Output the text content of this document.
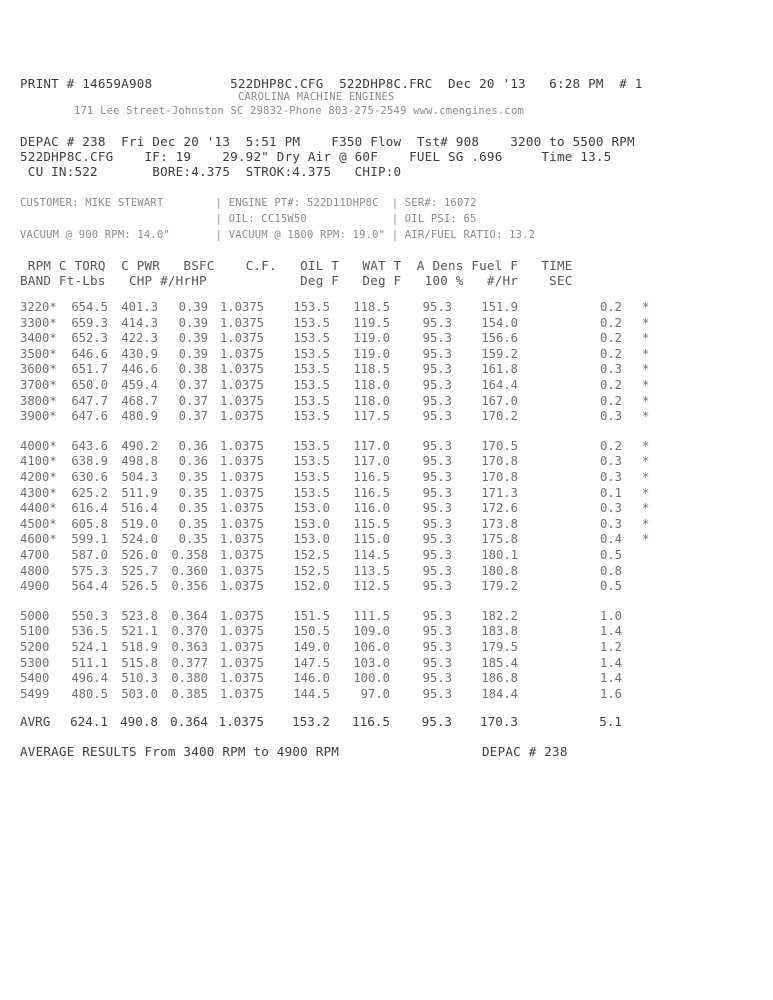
PRINT # 14659A908          522DHP8C.CFG  522DHP8C.FRC  Dec 20 '13   6:28 PM  # 1
CAROLINA MACHINE ENGINES
171 Lee Street-Johnston SC 29832-Phone 803-275-2549 www.cmengines.com
DEPAC # 238  Fri Dec 20 '13  5:51 PM    F350 Flow  Tst# 908    3200 to 5500 RPM
522DHP8C.CFG    IF: 19    29.92" Dry Air @ 60F    FUEL SG .696     Time 13.5
CU IN:522       BORE:4.375  STROK:4.375   CHIP:0
CUSTOMER: MIKE STEWART        | ENGINE PT#: 522D11DHP8C  | SER#: 16072
| OIL: CC15W50             | OIL PSI: 65
VACUUM @ 900 RPM: 14.0"       | VACUUM @ 1800 RPM: 19.0" | AIR/FUEL RATIO: 13.2
RPM C TORQ  C PWR   BSFC    C.F.   OIL T   WAT T  A Dens Fuel F   TIME
BAND Ft-Lbs   CHP #/HrHP            Deg F   Deg F   100 %   #/Hr    SEC
3220*	654.5	401.3	0.39 1.0375	153.5	118.5	95.3	151.9	0.2 *
3300*	659.3	414.3	0.39 1.0375	153.5	119.5	95.3	154.0	0.2 *
3400*	652.3	422.3	0.39 1.0375	153.5	119.0	95.3	156.6	0.2 *
3500*	646.6	430.9	0.39 1.0375	153.5	119.0	95.3	159.2	0.2 *
3600*	651.7	446.6	0.38 1.0375	153.5	118.5	95.3	161.8	0.3 *
3700*	650.0	459.4	0.37 1.0375	153.5	118.0	95.3	164.4	0.2 *
3800*	647.7	468.7	0.37 1.0375	153.5	118.0	95.3	167.0	0.2 *
3900*	647.6	480.9	0.37 1.0375	153.5	117.5	95.3	170.2	0.3 *
4000*	643.6	490.2	0.36 1.0375	153.5	117.0	95.3	170.5	0.2 *
4100*	638.9	498.8	0.36 1.0375	153.5	117.0	95.3	170.8	0.3 *
4200*	630.6	504.3	0.35 1.0375	153.5	116.5	95.3	170.8	0.3 *
4300*	625.2	511.9	0.35 1.0375	153.5	116.5	95.3	171.3	0.1 *
4400*	616.4	516.4	0.35 1.0375	153.0	116.0	95.3	172.6	0.3 *
4500*	605.8	519.0	0.35 1.0375	153.0	115.5	95.3	173.8	0.3 *
4600*	599.1	524.0	0.35 1.0375	153.0	115.0	95.3	175.8	0.4 *
4700	587.0	526.0	0.358 1.0375	152.5	114.5	95.3	180.1	0.5
4800	575.3	525.7	0.360 1.0375	152.5	113.5	95.3	180.8	0.8
4900	564.4	526.5	0.356 1.0375	152.0	112.5	95.3	179.2	0.5
5000	550.3	523.8	0.364 1.0375	151.5	111.5	95.3	182.2	1.0
5100	536.5	521.1	0.370 1.0375	150.5	109.0	95.3	183.8	1.4
5200	524.1	518.9	0.363 1.0375	149.0	106.0	95.3	179.5	1.2
5300	511.1	515.8	0.377 1.0375	147.5	103.0	95.3	185.4	1.4
5400	496.4	510.3	0.380 1.0375	146.0	100.0	95.3	186.8	1.4
5499	480.5	503.0	0.385 1.0375	144.5	97.0	95.3	184.4	1.6
AVRG	624.1 490.8 0.364 1.0375	153.2	116.5	95.3	170.3	5.1
AVERAGE RESULTS From 3400 RPM to 4900 RPM	DEPAC # 238
